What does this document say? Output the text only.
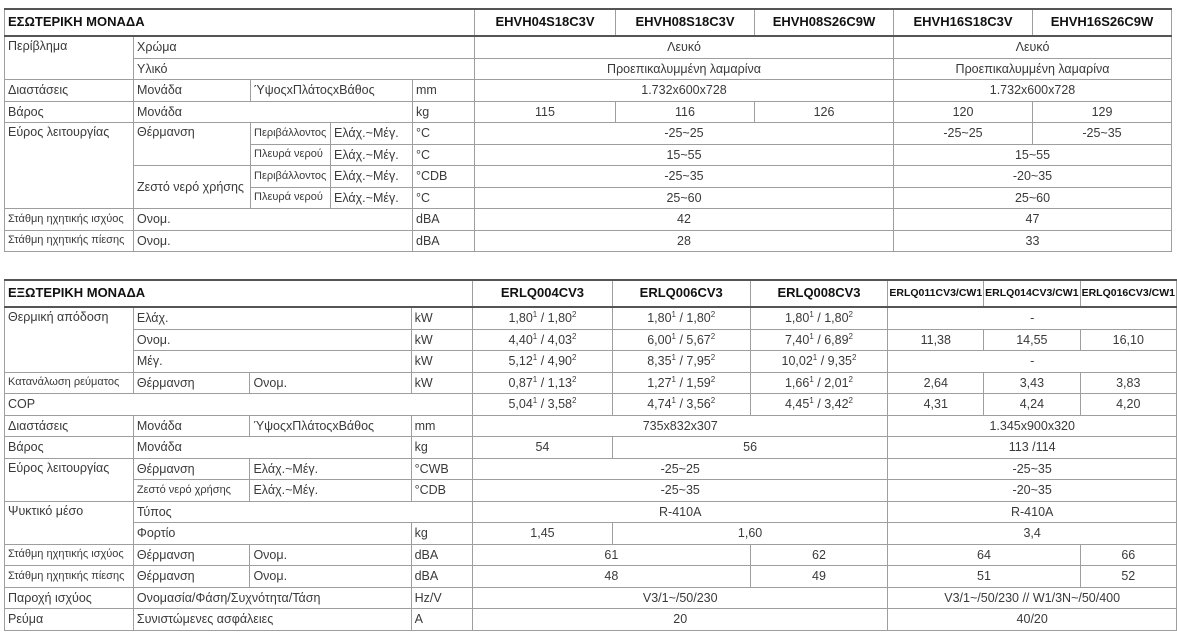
ΕΣΩΤΕΡΙΚΗ ΜΟΝΑΔΑ					EHVH04S18C3V	EHVH08S18C3V	EHVH08S26C9W	EHVH16S18C3V	EHVH16S26C9W
Περίβλημα	Χρώμα				Λευκό			Λευκό	
	Υλικό				Προεπικαλυμμένη λαμαρίνα			Προεπικαλυμμένη λαμαρίνα	
Διαστάσεις	Μονάδα	ΎψοςxΠλάτοςxΒάθος		mm	1.732x600x728			1.732x600x728	
Βάρος	Μονάδα			kg	115	116	126	120	129
Εύρος λειτουργίας	Θέρμανση	Περιβάλλοντος	Ελάχ.~Μέγ.	°C	-25~25			-25~25	-25~35
		Πλευρά νερού	Ελάχ.~Μέγ.	°C	15~55			15~55	
	Ζεστό νερό χρήσης	Περιβάλλοντος	Ελάχ.~Μέγ.	°CDB	-25~35			-20~35	
		Πλευρά νερού	Ελάχ.~Μέγ.	°C	25~60			25~60	
Στάθμη ηχητικής ισχύος	Ονομ.			dBA	42			47	
Στάθμη ηχητικής πίεσης	Ονομ.			dBA	28			33	
ΕΞΩΤΕΡΙΚΗ ΜΟΝΑΔΑ				ERLQ004CV3	ERLQ006CV3	ERLQ008CV3	ERLQ011CV3/CW1	ERLQ014CV3/CW1	ERLQ016CV3/CW1
Θερμική απόδοση	Ελάχ.		kW	1,80$^1$ / 1,80$^2$	1,80$^1$ / 1,80$^2$	1,80$^1$ / 1,80$^2$	-		
	Ονομ.		kW	4,40$^1$ / 4,03$^2$	6,00$^1$ / 5,67$^2$	7,40$^1$ / 6,89$^2$	11,38	14,55	16,10
	Μέγ.		kW	5,12$^1$ / 4,90$^2$	8,35$^1$ / 7,95$^2$	10,02$^1$ / 9,35$^2$	-		
Κατανάλωση ρεύματος	Θέρμανση	Ονομ.	kW	0,87$^1$ / 1,13$^2$	1,27$^1$ / 1,59$^2$	1,66$^1$ / 2,01$^2$	2,64	3,43	3,83
COP				5,04$^1$ / 3,58$^2$	4,74$^1$ / 3,56$^2$	4,45$^1$ / 3,42$^2$	4,31	4,24	4,20
Διαστάσεις	Μονάδα	ΎψοςxΠλάτοςxΒάθος	mm	735x832x307			1.345x900x320		
Βάρος	Μονάδα		kg	54	56		113 /114		
Εύρος λειτουργίας	Θέρμανση	Ελάχ.~Μέγ.	°CWB	-25~25			-25~35		
	Ζεστό νερό χρήσης	Ελάχ.~Μέγ.	°CDB	-25~35			-20~35		
Ψυκτικό μέσο	Τύπος			R-410A			R-410A		
	Φορτίο		kg	1,45	1,60		3,4		
Στάθμη ηχητικής ισχύος	Θέρμανση	Ονομ.	dBA	61		62	64		66
Στάθμη ηχητικής πίεσης	Θέρμανση	Ονομ.	dBA	48		49	51		52
Παροχή ισχύος	Ονομασία/Φάση/Συχνότητα/Τάση		Hz/V	V3/1~/50/230			V3/1~/50/230 // W1/3N~/50/400		
Ρεύμα	Συνιστώμενες ασφάλειες		A	20			40/20		
